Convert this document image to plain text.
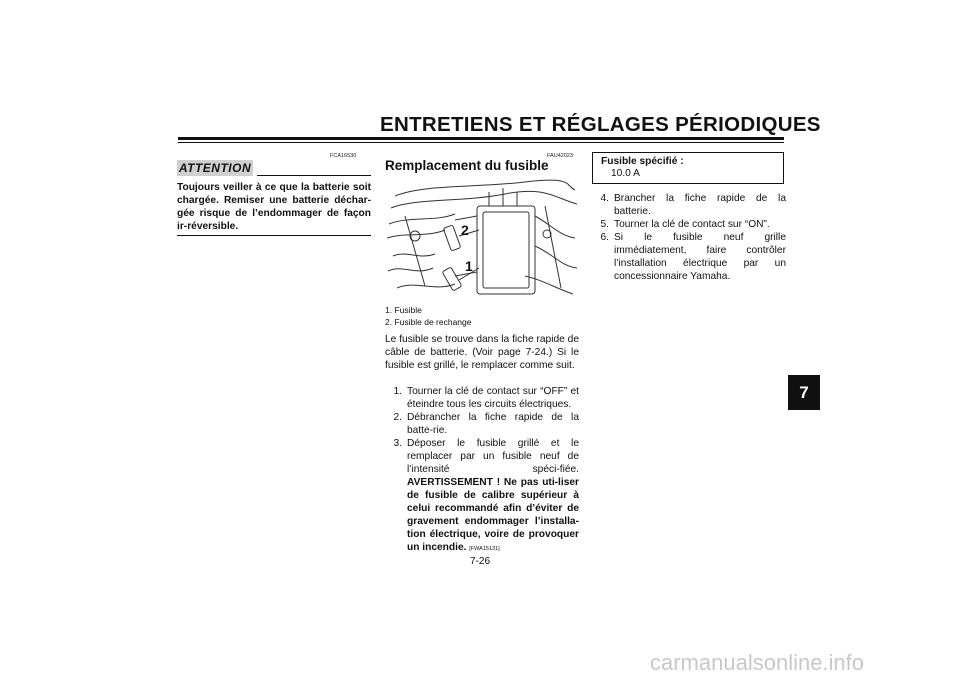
ENTRETIENS ET RÉGLAGES PÉRIODIQUES
FCA16530
ATTENTION
Toujours veiller à ce que la batterie soit chargée. Remiser une batterie déchar-gée risque de l’endommager de façon ir-réversible.
FAU42023
Remplacement du fusible
2
1
1. Fusible
2. Fusible de rechange
Le fusible se trouve dans la fiche rapide de câble de batterie. (Voir page 7-24.) Si le fusible est grillé, le remplacer comme suit.
1. Tourner la clé de contact sur “OFF” et éteindre tous les circuits électriques.
2. Débrancher la fiche rapide de la batte-rie.
3. Déposer le fusible grillé et le remplacer par un fusible neuf de l’intensité spéci-fiée. AVERTISSEMENT ! Ne pas uti-liser de fusible de calibre supérieur à celui recommandé afin d’éviter de gravement endommager l’installa-tion électrique, voire de provoquer un incendie. [FWA15131]
Fusible spécifié :
10.0 A
4. Brancher la fiche rapide de la batterie.
5. Tourner la clé de contact sur “ON”.
6. Si le fusible neuf grille immédiatement, faire contrôler l’installation électrique par un concessionnaire Yamaha.
7-26
7
carmanualsonline.info
